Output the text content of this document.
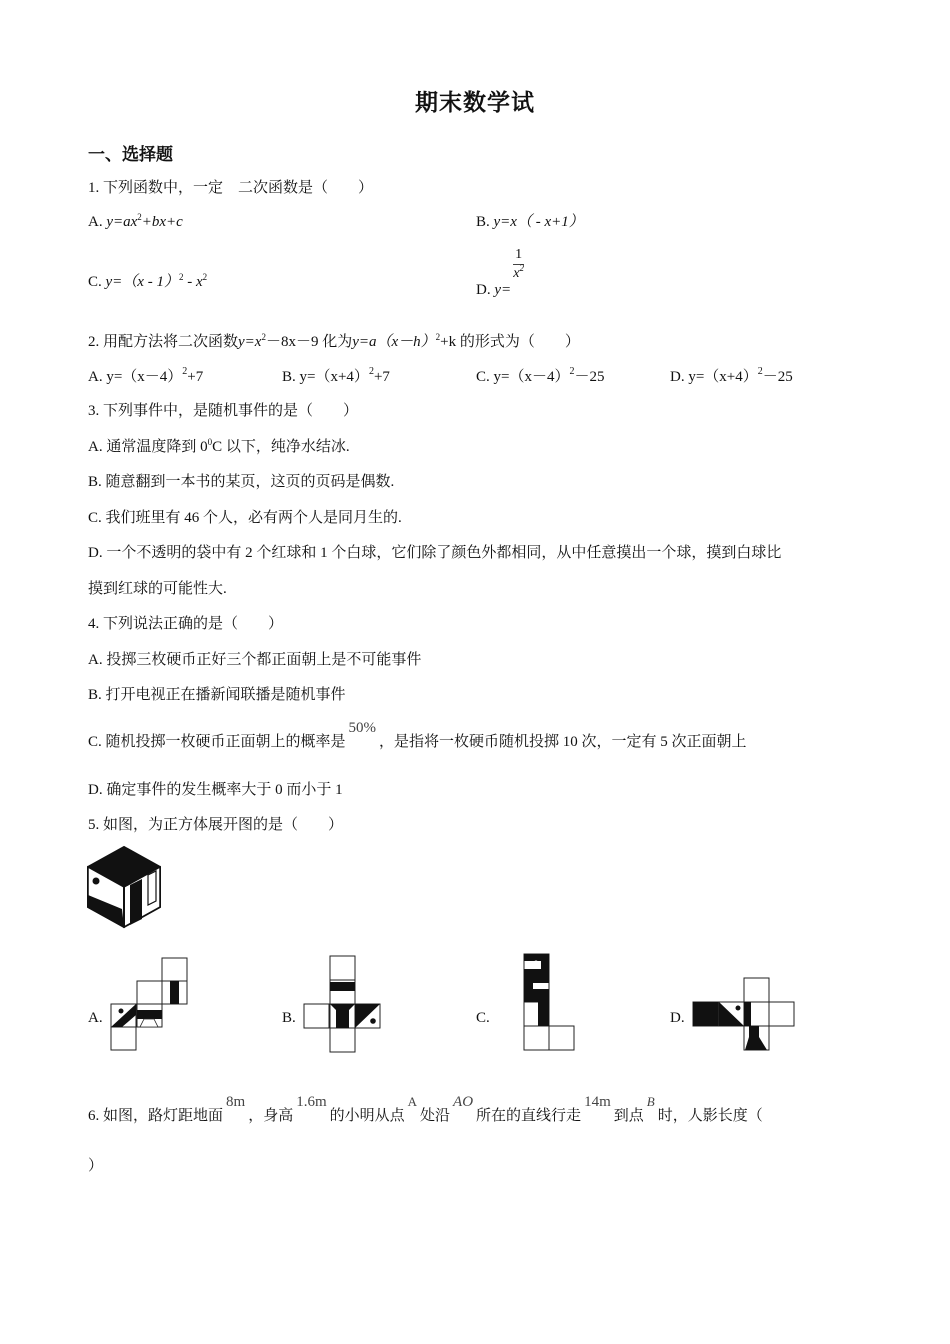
期末数学试
一、选择题
1. 下列函数中，一定  二次函数是（　　）
A. $y=ax^2+bx+c$	B. y=x（ - x+1）
C. $y=(x - 1)^2 - x^2$
D. y=
$\frac{1}{x^2}$
2. 用配方法将二次函数$y=x^2-8x-9$ 化为$y=a(x-h)^2+k$ 的形式为（　　）
A. $y=(x-4)^2+7$	B. $y=(x+4)^2+7$	C. $y=(x-4)^2-25$	D. $y=(x+4)^2-25$
3. 下列事件中，是随机事件的是（　　）
A. 通常温度降到 $0^0C$ 以下，纯净水结冰.
B. 随意翻到一本书的某页，这页的页码是偶数.
C. 我们班里有 46 个人，必有两个人是同月生的.
D. 一个不透明的袋中有 2 个红球和 1 个白球，它们除了颜色外都相同，从中任意摸出一个球，摸到白球比
摸到红球的可能性大.
4. 下列说法正确的是（　　）
A. 投掷三枚硬币正好三个都正面朝上是不可能事件
B. 打开电视正在播新闻联播是随机事件
C. 随机投掷一枚硬币正面朝上的概率是50%，是指将一枚硬币随机投掷 10 次，一定有 5 次正面朝上
D. 确定事件的发生概率大于 0 而小于 1
5. 如图，为正方体展开图的是（　　）
A.	B.	C.	D.
6. 如图，路灯距地面8m，身高1.6m的小明从点A处沿AO所在的直线行走14m到点B时，人影长度（
）
